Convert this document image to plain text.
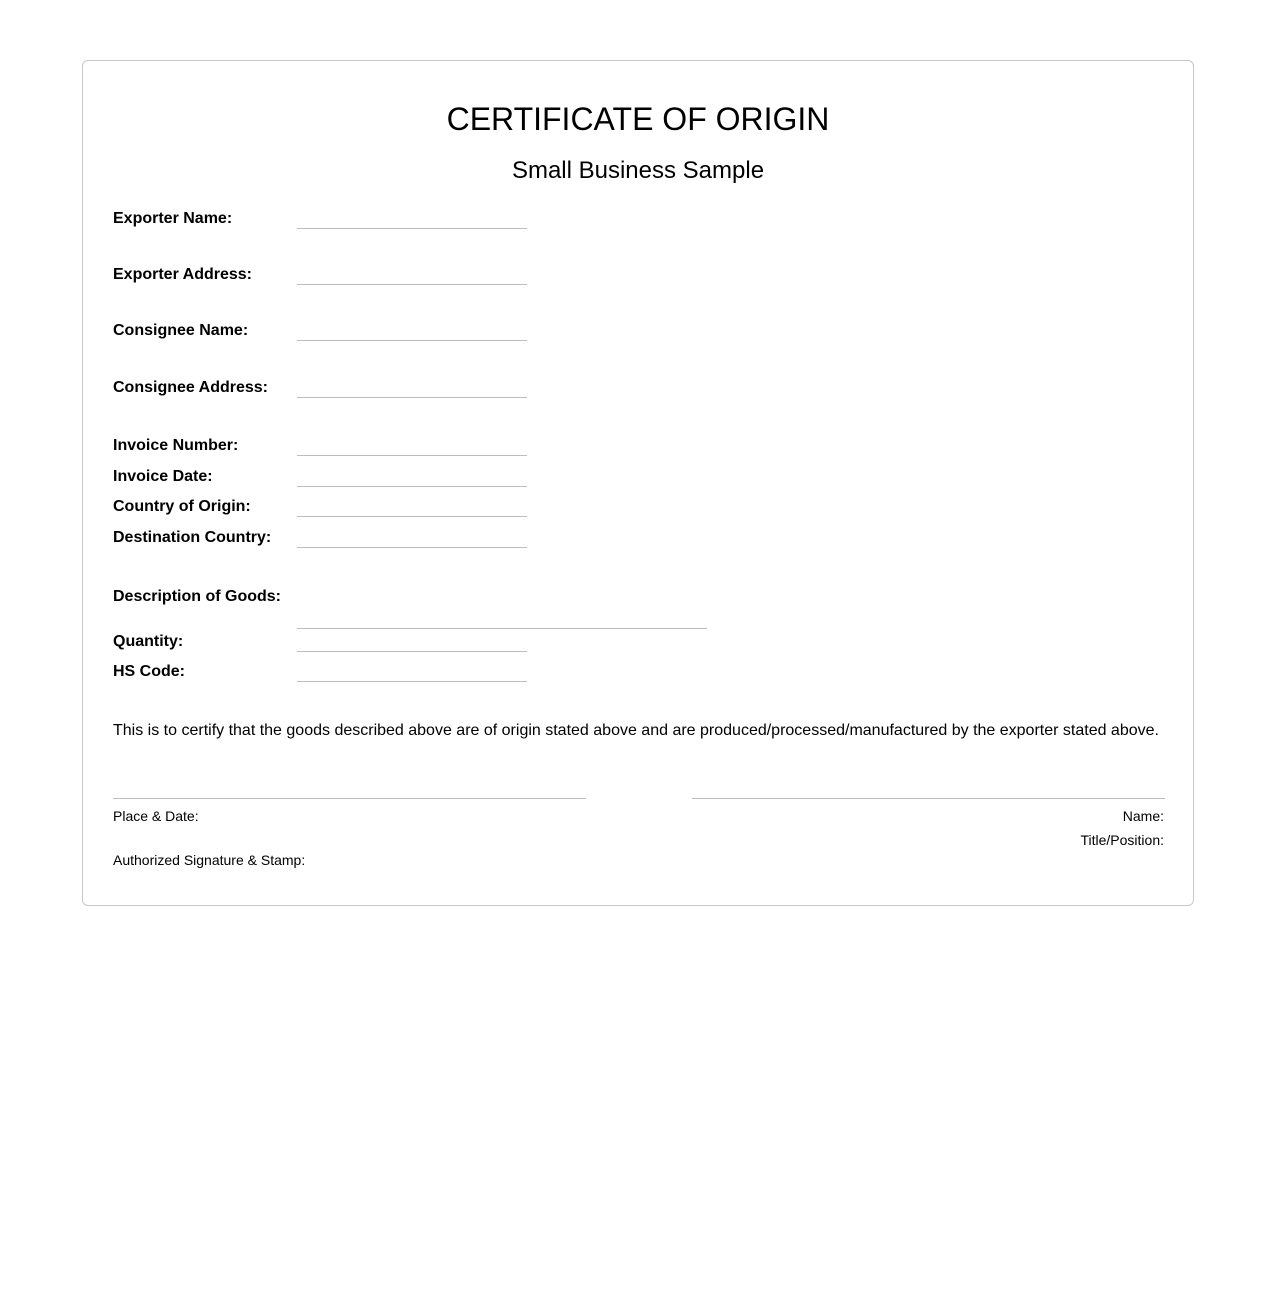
CERTIFICATE OF ORIGIN
Small Business Sample
Exporter Name:
Exporter Address:
Consignee Name:
Consignee Address:
Invoice Number:
Invoice Date:
Country of Origin:
Destination Country:
Description of Goods:
Quantity:
HS Code:
This is to certify that the goods described above are of origin stated above and are produced/processed/manufactured by the exporter stated above.
Place & Date:
Authorized Signature & Stamp:
Name:
Title/Position:
